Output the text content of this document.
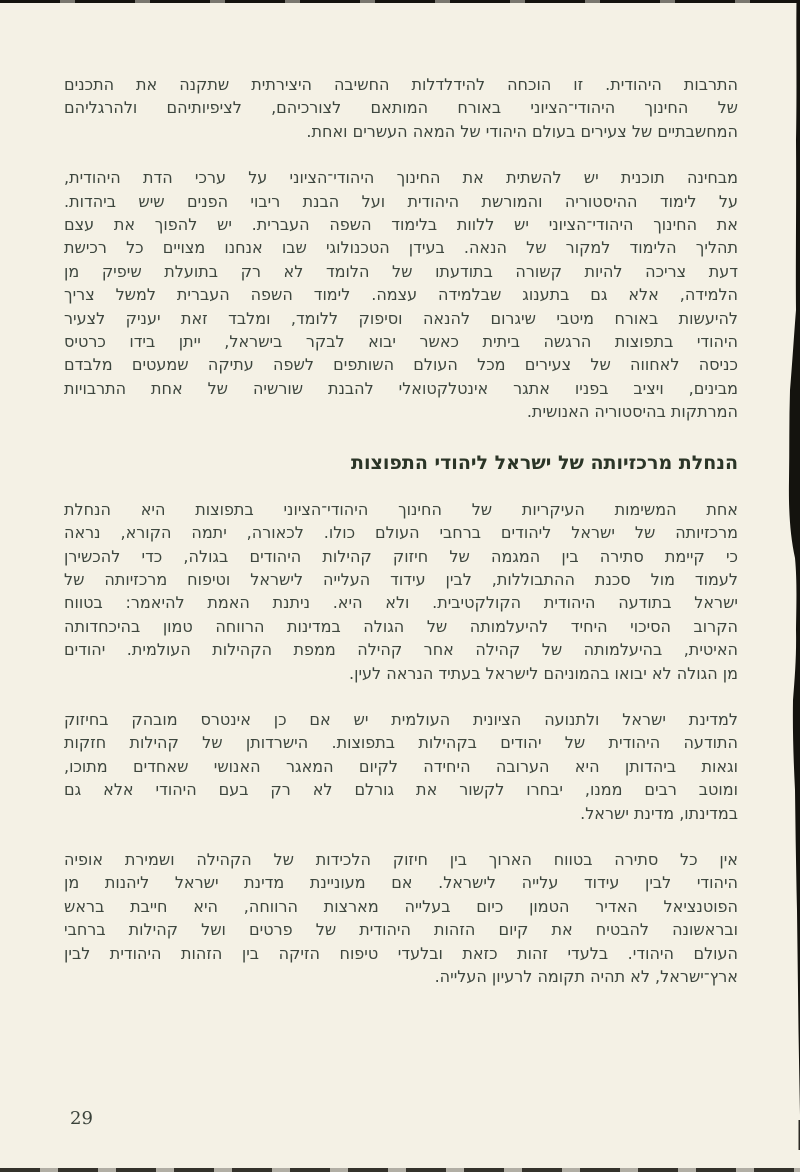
התרבות היהודית. זו הוכחה להידלדלות החשיבה היצירתית שתקנה את התכנים
של החינוך היהודי־הציוני באורח המותאם לצורכיהם, לציפיותיהם ולהרגליהם
המחשבתיים של צעירים בעולם היהודי של המאה העשרים ואחת.
מבחינה תוכנית יש להשתית את החינוך היהודי־הציוני על ערכי הדת היהודית,
על לימוד ההיסטוריה והמורשת היהודית ועל הבנת ריבוי הפנים שיש ביהדות.
את החינוך היהודי־הציוני יש ללוות בלימוד השפה העברית. יש להפוך את עצם
תהליך הלימוד למקור של הנאה. בעידן הטכנולוגי שבו אנחנו מצויים כל רכישת
דעת צריכה להיות קשורה בתודעתו של הלומד לא רק בתועלת שיפיק מן
הלמידה, אלא גם בתענוג שבלמידה עצמה. לימוד השפה העברית למשל צריך
להיעשות באורח מיטבי שיגרום להנאה וסיפוק ללומד, ומלבד זאת יעניק לצעיר
היהודי בתפוצות הרגשה ביתית כאשר יבוא לבקר בישראל, ייתן בידו כרטיס
כניסה לאחווה של צעירים מכל העולם השותפים לשפה עתיקה שמעטים מלבדם
מבינים, ויציב בפניו אתגר אינטלקטואלי להבנת שורשיה של אחת התרבויות
המרתקות בהיסטוריה האנושית.
הנחלת מרכזיותה של ישראל ליהודי התפוצות
אחת המשימות העיקריות של החינוך היהודי־הציוני בתפוצות היא הנחלת
מרכזיותה של ישראל ליהודים ברחבי העולם כולו. לכאורה, יתמה הקורא, נראה
כי קיימת סתירה בין המגמה של חיזוק קהילות היהודים בגולה, כדי להכשירן
לעמוד מול סכנת ההתבוללות, לבין עידוד העלייה לישראל וטיפוח מרכזיותה של
ישראל בתודעה היהודית הקולקטיבית. ולא היא. ניתנת האמת להיאמר: בטווח
הקרוב הסיכוי היחיד להיעלמותה של הגולה במדינות הרווחה טמון בהיכחדותה
האיטית, בהיעלמותה של קהילה אחר קהילה ממפת הקהילות העולמית. יהודים
מן הגולה לא יבואו בהמוניהם לישראל בעתיד הנראה לעין.
למדינת ישראל ולתנועה הציונית העולמית יש אם כן אינטרס מובהק בחיזוק
התודעה היהודית של יהודים בקהילות בתפוצות. הישרדותן של קהילות חזקות
וגאות ביהדותן היא הערובה היחידה לקיום המאגר האנושי שאחדים מתוכו,
ומוטב רבים ממנו, יבחרו לקשור את גורלם לא רק בעם היהודי אלא גם
במדינתו, מדינת ישראל.
אין כל סתירה בטווח הארוך בין חיזוק הלכידות של הקהילה ושמירת אופיה
היהודי לבין עידוד עלייה לישראל. אם מעוניינת מדינת ישראל ליהנות מן
הפוטנציאל האדיר הטמון כיום בעלייה מארצות הרווחה, היא חייבת בראש
ובראשונה להבטיח את קיום הזהות היהודית של פרטים ושל קהילות ברחבי
העולם היהודי. בלעדי זהות כזאת ובלעדי טיפוח הזיקה בין הזהות היהודית לבין
ארץ־ישראל, לא תהיה תקומה לרעיון העלייה.
29
